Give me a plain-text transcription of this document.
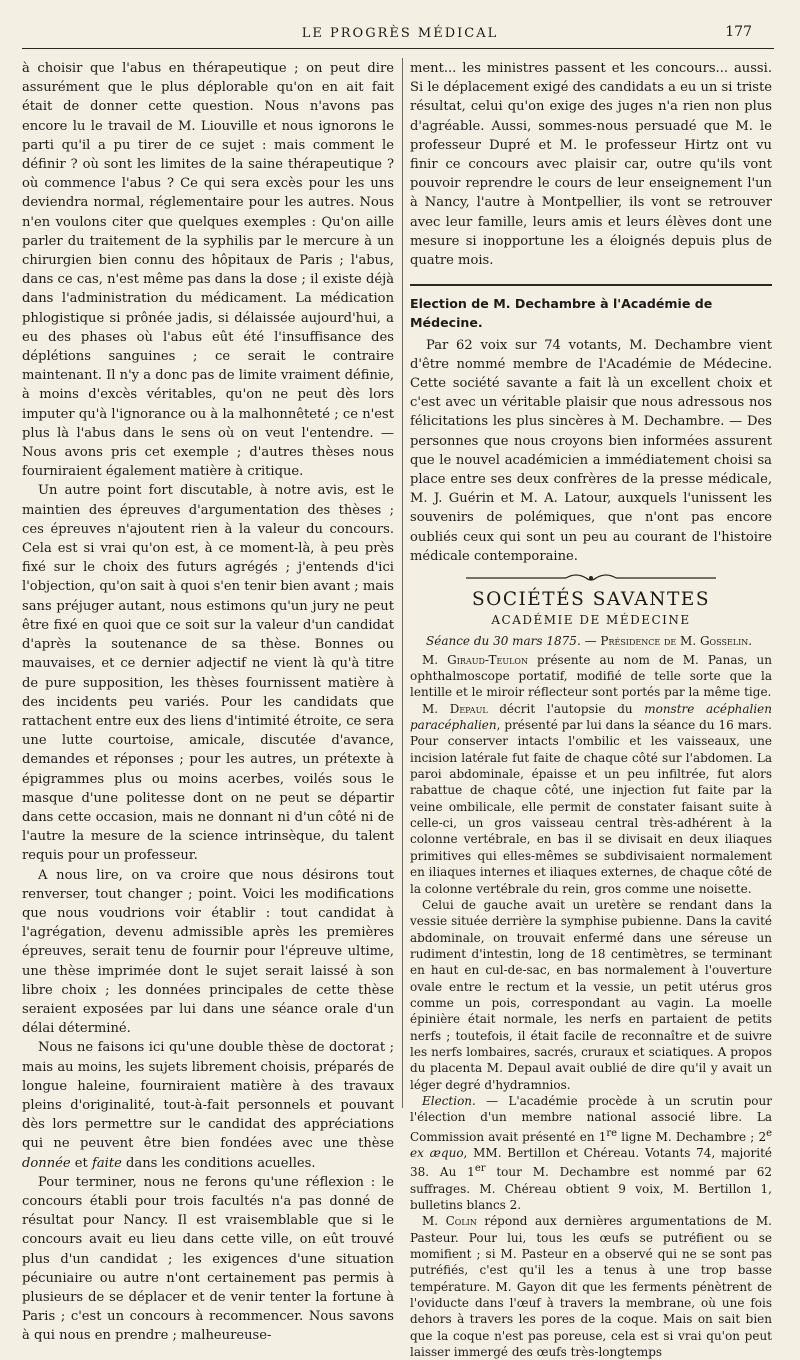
LE PROGRÈS MÉDICAL	177

à choisir que l'abus en thérapeutique ; on peut dire assurément que le plus déplorable qu'on en ait fait était de donner cette question. Nous n'avons pas encore lu le travail de M. Liouville et nous ignorons le parti qu'il a pu tirer de ce sujet : mais comment le définir ? où sont les limites de la saine thérapeutique ? où commence l'abus ? Ce qui sera excès pour les uns deviendra normal, réglementaire pour les autres. Nous n'en voulons citer que quelques exemples : Qu'on aille parler du traitement de la syphilis par le mercure à un chirurgien bien connu des hôpitaux de Paris ; l'abus, dans ce cas, n'est même pas dans la dose ; il existe déjà dans l'administration du médicament. La médication phlogistique si prônée jadis, si délaissée aujourd'hui, a eu des phases où l'abus eût été l'insuffisance des déplétions sanguines ; ce serait le contraire maintenant. Il n'y a donc pas de limite vraiment définie, à moins d'excès véritables, qu'on ne peut dès lors imputer qu'à l'ignorance ou à la malhonnêteté ; ce n'est plus là l'abus dans le sens où on veut l'entendre. — Nous avons pris cet exemple ; d'autres thèses nous fourniraient également matière à critique.

Un autre point fort discutable, à notre avis, est le maintien des épreuves d'argumentation des thèses ; ces épreuves n'ajoutent rien à la valeur du concours. Cela est si vrai qu'on est, à ce moment-là, à peu près fixé sur le choix des futurs agrégés ; j'entends d'ici l'objection, qu'on sait à quoi s'en tenir bien avant ; mais sans préjuger autant, nous estimons qu'un jury ne peut être fixé en quoi que ce soit sur la valeur d'un candidat d'après la soutenance de sa thèse. Bonnes ou mauvaises, et ce dernier adjectif ne vient là qu'à titre de pure supposition, les thèses fournissent matière à des incidents peu variés. Pour les candidats que rattachent entre eux des liens d'intimité étroite, ce sera une lutte courtoise, amicale, discutée d'avance, demandes et réponses ; pour les autres, un prétexte à épigrammes plus ou moins acerbes, voilés sous le masque d'une politesse dont on ne peut se départir dans cette occasion, mais ne donnant ni d'un côté ni de l'autre la mesure de la science intrinsèque, du talent requis pour un professeur.

A nous lire, on va croire que nous désirons tout renverser, tout changer ; point. Voici les modifications que nous voudrions voir établir : tout candidat à l'agrégation, devenu admissible après les premières épreuves, serait tenu de fournir pour l'épreuve ultime, une thèse imprimée dont le sujet serait laissé à son libre choix ; les données principales de cette thèse seraient exposées par lui dans une séance orale d'un délai déterminé.

Nous ne faisons ici qu'une double thèse de doctorat ; mais au moins, les sujets librement choisis, préparés de longue haleine, fourniraient matière à des travaux pleins d'originalité, tout-à-fait personnels et pouvant dès lors permettre sur le candidat des appréciations qui ne peuvent être bien fondées avec une thèse donnée et faite dans les conditions acuelles.

Pour terminer, nous ne ferons qu'une réflexion : le concours établi pour trois facultés n'a pas donné de résultat pour Nancy. Il est vraisemblable que si le concours avait eu lieu dans cette ville, on eût trouvé plus d'un candidat ; les exigences d'une situation pécuniaire ou autre n'ont certainement pas permis à plusieurs de se déplacer et de venir tenter la fortune à Paris ; c'est un concours à recommencer. Nous savons à qui nous en prendre ; malheureuse-

ment... les ministres passent et les concours... aussi. Si le déplacement exigé des candidats a eu un si triste résultat, celui qu'on exige des juges n'a rien non plus d'agréable. Aussi, sommes-nous persuadé que M. le professeur Dupré et M. le professeur Hirtz ont vu finir ce concours avec plaisir car, outre qu'ils vont pouvoir reprendre le cours de leur enseignement l'un à Nancy, l'autre à Montpellier, ils vont se retrouver avec leur famille, leurs amis et leurs élèves dont une mesure si inopportune les a éloignés depuis plus de quatre mois.

Election de M. Dechambre à l'Académie de Médecine.

Par 62 voix sur 74 votants, M. Dechambre vient d'être nommé membre de l'Académie de Médecine. Cette société savante a fait là un excellent choix et c'est avec un véritable plaisir que nous adressous nos félicitations les plus sincères à M. Dechambre. — Des personnes que nous croyons bien informées assurent que le nouvel académicien a immédiatement choisi sa place entre ses deux confrères de la presse médicale, M. J. Guérin et M. A. Latour, auxquels l'unissent les souvenirs de polémiques, que n'ont pas encore oubliés ceux qui sont un peu au courant de l'histoire médicale contemporaine.

SOCIÉTÉS SAVANTES
ACADÉMIE DE MÉDECINE

Séance du 30 mars 1875. — Présidence de M. Gosselin.

M. Giraud-Teulon présente au nom de M. Panas, un ophthalmoscope portatif, modifié de telle sorte que la lentille et le miroir réflecteur sont portés par la même tige.

M. Depaul décrit l'autopsie du monstre acéphalien paracéphalien, présenté par lui dans la séance du 16 mars. Pour conserver intacts l'ombilic et les vaisseaux, une incision latérale fut faite de chaque côté sur l'abdomen. La paroi abdominale, épaisse et un peu infiltrée, fut alors rabattue de chaque côté, une injection fut faite par la veine ombilicale, elle permit de constater faisant suite à celle-ci, un gros vaisseau central très-adhérent à la colonne vertébrale, en bas il se divisait en deux iliaques primitives qui elles-mêmes se subdivisaient normalement en iliaques internes et iliaques externes, de chaque côté de la colonne vertébrale du rein, gros comme une noisette.

Celui de gauche avait un uretère se rendant dans la vessie située derrière la symphise pubienne. Dans la cavité abdominale, on trouvait enfermé dans une séreuse un rudiment d'intestin, long de 18 centimètres, se terminant en haut en cul-de-sac, en bas normalement à l'ouverture ovale entre le rectum et la vessie, un petit utérus gros comme un pois, correspondant au vagin. La moelle épinière était normale, les nerfs en partaient de petits nerfs ; toutefois, il était facile de reconnaître et de suivre les nerfs lombaires, sacrés, cruraux et sciatiques. A propos du placenta M. Depaul avait oublié de dire qu'il y avait un léger degré d'hydramnios.

Election. — L'académie procède à un scrutin pour l'élection d'un membre national associé libre. La Commission avait présenté en 1re ligne M. Dechambre ; 2e ex æquo, MM. Bertillon et Chéreau. Votants 74, majorité 38. Au 1er tour M. Dechambre est nommé par 62 suffrages. M. Chéreau obtient 9 voix, M. Bertillon 1, bulletins blancs 2.

M. Colin répond aux dernières argumentations de M. Pasteur. Pour lui, tous les œufs se putréfient ou se momifient ; si M. Pasteur en a observé qui ne se sont pas putréfiés, c'est qu'il les a tenus à une trop basse température. M. Gayon dit que les ferments pénètrent de l'oviducte dans l'œuf à travers la membrane, où une fois dehors à travers les pores de la coque. Mais on sait bien que la coque n'est pas poreuse, cela est si vrai qu'on peut laisser immergé des œufs très-longtemps
